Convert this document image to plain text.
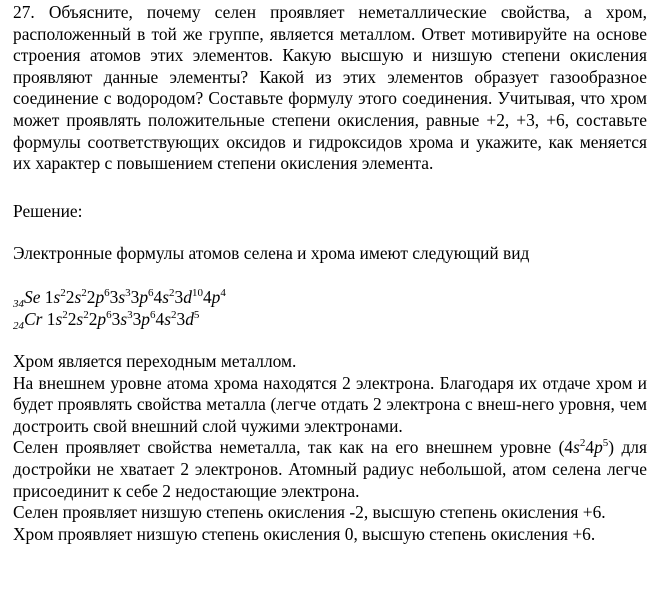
27. Объясните, почему селен проявляет неметаллические свойства, а хром, расположенный в той же группе, является металлом. Ответ мотивируйте на основе строения атомов этих элементов. Какую высшую и низшую степени окисления проявляют данные элементы? Какой из этих элементов образует газообразное соединение с водородом? Составьте формулу этого соединения. Учитывая, что хром может проявлять положительные степени окисления, равные +2, +3, +6, составьте формулы соответствующих оксидов и гидроксидов хрома и укажите, как меняется их характер с повышением степени окисления элемента.

Решение:

Электронные формулы атомов селена и хрома имеют следующий вид

$_{34}$Se $1s^22s^22p^63s^33p^64s^23d^{10}4p^4$

$_{24}$Cr $1s^22s^22p^63s^33p^64s^23d^5$

Хром является переходным металлом.

На внешнем уровне атома хрома находятся 2 электрона. Благодаря их отдаче хром и будет проявлять свойства металла (легче отдать 2 электрона с внеш-него уровня, чем достроить свой внешний слой чужими электронами.

Селен проявляет свойства неметалла, так как на его внешнем уровне $(4s^24p^5)$ для достройки не хватает 2 электронов. Атомный радиус небольшой, атом селена легче присоединит к себе 2 недостающие электрона.

Селен проявляет низшую степень окисления -2, высшую степень окисления +6.

Хром проявляет низшую степень окисления 0, высшую степень окисления +6.
